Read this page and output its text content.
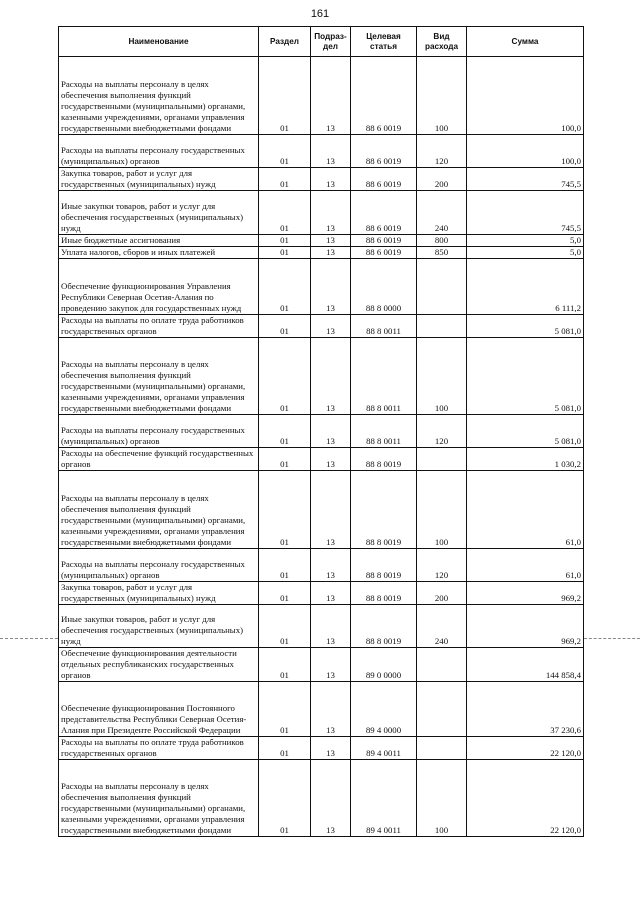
161
Наименование	Раздел	Подраз- дел	Целевая статья	Вид расхода	Сумма
Расходы на выплаты персоналу в целях обеспечения выполнения функций государственными (муниципальными) органами, казенными учреждениями, органами управления государственными внебюджетными фондами	01	13	88 6 0019	100	100,0
Расходы на выплаты персоналу государственных (муниципальных) органов	01	13	88 6 0019	120	100,0
Закупка товаров, работ и услуг для государственных (муниципальных) нужд	01	13	88 6 0019	200	745,5
Иные закупки товаров, работ и услуг для обеспечения государственных (муниципальных) нужд	01	13	88 6 0019	240	745,5
Иные бюджетные ассигнования	01	13	88 6 0019	800	5,0
Уплата налогов, сборов и иных платежей	01	13	88 6 0019	850	5,0
Обеспечение функционирования Управления Республики Северная Осетия-Алания по проведению закупок для государственных нужд	01	13	88 8 0000		6 111,2
Расходы на выплаты по оплате труда работников государственных органов	01	13	88 8 0011		5 081,0
Расходы на выплаты персоналу в целях обеспечения выполнения функций государственными (муниципальными) органами, казенными учреждениями, органами управления государственными внебюджетными фондами	01	13	88 8 0011	100	5 081,0
Расходы на выплаты персоналу государственных (муниципальных) органов	01	13	88 8 0011	120	5 081,0
Расходы на обеспечение функций государственных органов	01	13	88 8 0019		1 030,2
Расходы на выплаты персоналу в целях обеспечения выполнения функций государственными (муниципальными) органами, казенными учреждениями, органами управления государственными внебюджетными фондами	01	13	88 8 0019	100	61,0
Расходы на выплаты персоналу государственных (муниципальных) органов	01	13	88 8 0019	120	61,0
Закупка товаров, работ и услуг для государственных (муниципальных) нужд	01	13	88 8 0019	200	969,2
Иные закупки товаров, работ и услуг для обеспечения государственных (муниципальных) нужд	01	13	88 8 0019	240	969,2
Обеспечение функционирования деятельности отдельных республиканских государственных органов	01	13	89 0 0000		144 858,4
Обеспечение функционирования Постоянного представительства Республики Северная Осетия-Алания при Президенте Российской Федерации	01	13	89 4 0000		37 230,6
Расходы на выплаты по оплате труда работников государственных органов	01	13	89 4 0011		22 120,0
Расходы на выплаты персоналу в целях обеспечения выполнения функций государственными (муниципальными) органами, казенными учреждениями, органами управления государственными внебюджетными фондами	01	13	89 4 0011	100	22 120,0
